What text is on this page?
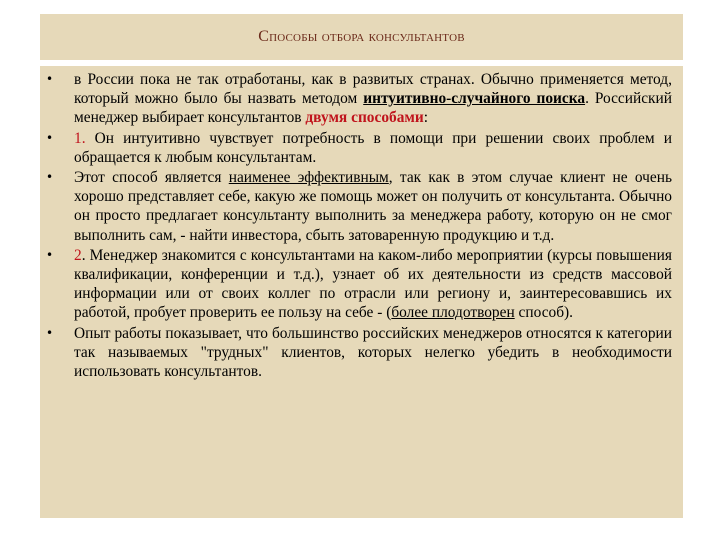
Способы отбора консультантов
• в России пока не так отработаны, как в развитых странах. Обычно применяется метод, который можно было бы назвать методом интуитивно-случайного поиска. Российский менеджер выбирает консультантов двумя способами:
• 1. Он интуитивно чувствует потребность в помощи при решении своих проблем и обращается к любым консультантам.
• Этот способ является наименее эффективным, так как в этом случае клиент не очень хорошо представляет себе, какую же помощь может он получить от консультанта. Обычно он просто предлагает консультанту выполнить за менеджера работу, которую он не смог выполнить сам, - найти инвестора, сбыть затоваренную продукцию и т.д.
• 2. Менеджер знакомится с консультантами на каком-либо мероприятии (курсы повышения квалификации, конференции и т.д.), узнает об их деятельности из средств массовой информации или от своих коллег по отрасли или региону и, заинтересовавшись их работой, пробует проверить ее пользу на себе - (более плодотворен способ).
• Опыт работы показывает, что большинство российских менеджеров относятся к категории так называемых "трудных" клиентов, которых нелегко убедить в необходимости использовать консультантов.
